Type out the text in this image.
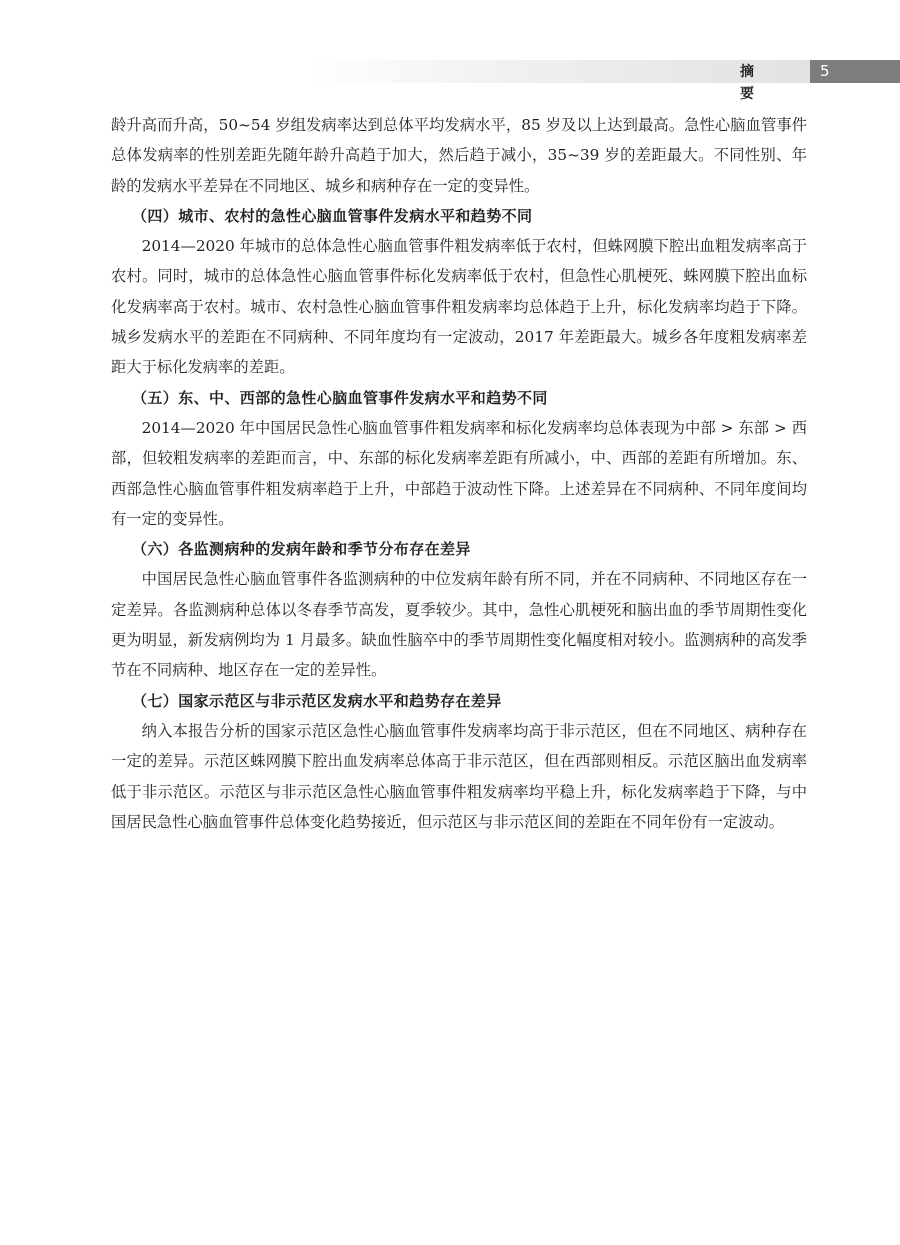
摘　要
5

龄升高而升高，50~54 岁组发病率达到总体平均发病水平，85 岁及以上达到最高。急性心脑血管事件总体发病率的性别差距先随年龄升高趋于加大，然后趋于减小，35~39 岁的差距最大。不同性别、年龄的发病水平差异在不同地区、城乡和病种存在一定的变异性。

（四）城市、农村的急性心脑血管事件发病水平和趋势不同

2014—2020 年城市的总体急性心脑血管事件粗发病率低于农村，但蛛网膜下腔出血粗发病率高于农村。同时，城市的总体急性心脑血管事件标化发病率低于农村，但急性心肌梗死、蛛网膜下腔出血标化发病率高于农村。城市、农村急性心脑血管事件粗发病率均总体趋于上升，标化发病率均趋于下降。城乡发病水平的差距在不同病种、不同年度均有一定波动，2017 年差距最大。城乡各年度粗发病率差距大于标化发病率的差距。

（五）东、中、西部的急性心脑血管事件发病水平和趋势不同

2014—2020 年中国居民急性心脑血管事件粗发病率和标化发病率均总体表现为中部 > 东部 > 西部，但较粗发病率的差距而言，中、东部的标化发病率差距有所减小，中、西部的差距有所增加。东、西部急性心脑血管事件粗发病率趋于上升，中部趋于波动性下降。上述差异在不同病种、不同年度间均有一定的变异性。

（六）各监测病种的发病年龄和季节分布存在差异

中国居民急性心脑血管事件各监测病种的中位发病年龄有所不同，并在不同病种、不同地区存在一定差异。各监测病种总体以冬春季节高发，夏季较少。其中，急性心肌梗死和脑出血的季节周期性变化更为明显，新发病例均为 1 月最多。缺血性脑卒中的季节周期性变化幅度相对较小。监测病种的高发季节在不同病种、地区存在一定的差异性。

（七）国家示范区与非示范区发病水平和趋势存在差异

纳入本报告分析的国家示范区急性心脑血管事件发病率均高于非示范区，但在不同地区、病种存在一定的差异。示范区蛛网膜下腔出血发病率总体高于非示范区，但在西部则相反。示范区脑出血发病率低于非示范区。示范区与非示范区急性心脑血管事件粗发病率均平稳上升，标化发病率趋于下降，与中国居民急性心脑血管事件总体变化趋势接近，但示范区与非示范区间的差距在不同年份有一定波动。
